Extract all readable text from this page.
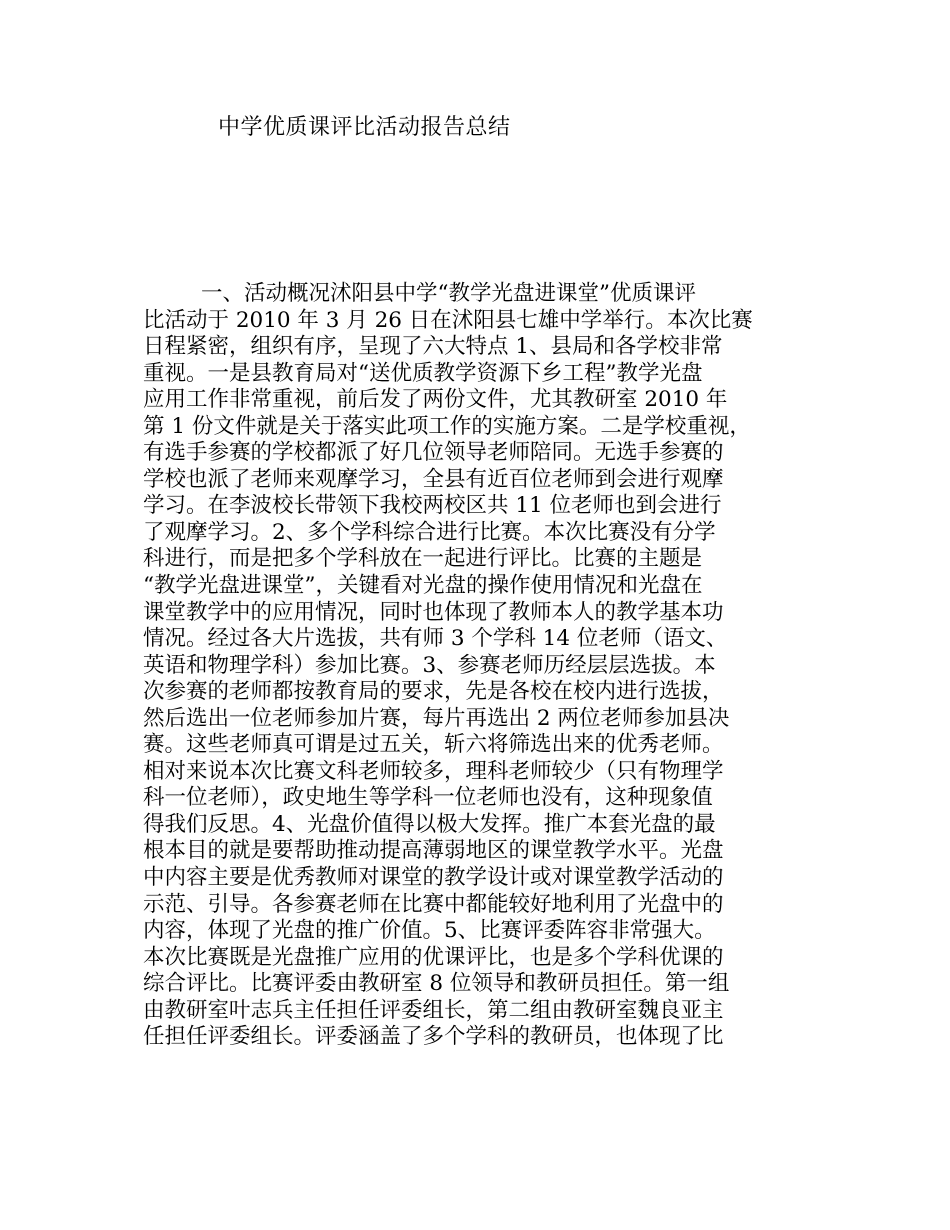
中学优质课评比活动报告总结
一、活动概况沭阳县中学“教学光盘进课堂”优质课评
比活动于 2010 年 3 月 26 日在沭阳县七雄中学举行。本次比赛
日程紧密，组织有序，呈现了六大特点 1、县局和各学校非常
重视。一是县教育局对“送优质教学资源下乡工程”教学光盘
应用工作非常重视，前后发了两份文件，尤其教研室 2010 年
第 1 份文件就是关于落实此项工作的实施方案。二是学校重视，
有选手参赛的学校都派了好几位领导老师陪同。无选手参赛的
学校也派了老师来观摩学习，全县有近百位老师到会进行观摩
学习。在李波校长带领下我校两校区共 11 位老师也到会进行
了观摩学习。2、多个学科综合进行比赛。本次比赛没有分学
科进行，而是把多个学科放在一起进行评比。比赛的主题是
“教学光盘进课堂”，关键看对光盘的操作使用情况和光盘在
课堂教学中的应用情况，同时也体现了教师本人的教学基本功
情况。经过各大片选拔，共有师 3 个学科 14 位老师（语文、
英语和物理学科）参加比赛。3、参赛老师历经层层选拔。本
次参赛的老师都按教育局的要求，先是各校在校内进行选拔，
然后选出一位老师参加片赛，每片再选出 2 两位老师参加县决
赛。这些老师真可谓是过五关，斩六将筛选出来的优秀老师。
相对来说本次比赛文科老师较多，理科老师较少（只有物理学
科一位老师），政史地生等学科一位老师也没有，这种现象值
得我们反思。4、光盘价值得以极大发挥。推广本套光盘的最
根本目的就是要帮助推动提高薄弱地区的课堂教学水平。光盘
中内容主要是优秀教师对课堂的教学设计或对课堂教学活动的
示范、引导。各参赛老师在比赛中都能较好地利用了光盘中的
内容，体现了光盘的推广价值。5、比赛评委阵容非常强大。
本次比赛既是光盘推广应用的优课评比，也是多个学科优课的
综合评比。比赛评委由教研室 8 位领导和教研员担任。第一组
由教研室叶志兵主任担任评委组长，第二组由教研室魏良亚主
任担任评委组长。评委涵盖了多个学科的教研员，也体现了比
